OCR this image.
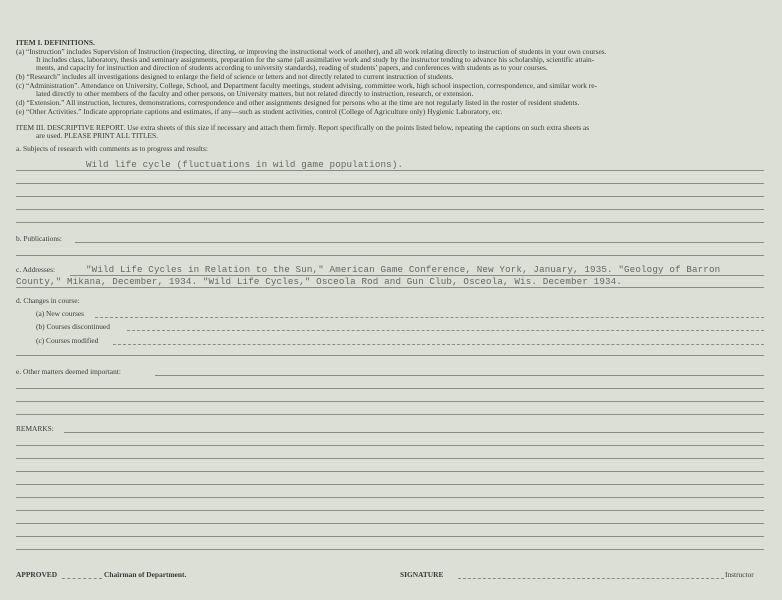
ITEM I. DEFINITIONS.
(a) “Instruction” includes Supervision of Instruction (inspecting, directing, or improving the instructional work of another), and all work relating directly to instruction of students in your own courses.
It includes class, laboratory, thesis and seminary assignments, preparation for the same (all assimilative work and study by the instructor tending to advance his scholarship, scientific attain-
ments, and capacity for instruction and direction of students according to university standards), reading of students’ papers, and conferences with students as to your courses.
(b) “Research” includes all investigations designed to enlarge the field of science or letters and not directly related to current instruction of students.
(c) “Administration”. Attendance on University, College, School, and Department faculty meetings, student advising, committee work, high school inspection, correspondence, and similar work re-
lated directly to other members of the faculty and other persons, on University matters, but not related directly to instruction, research, or extension.
(d) “Extension.” All instruction, lectures, demonstrations, correspondence and other assignments designed for persons who at the time are not regularly listed in the roster of resident students.
(e) “Other Activities.” Indicate appropriate captions and estimates, if any—such as student activities, control (College of Agriculture only) Hygienic Laboratory, etc.
ITEM III. DESCRIPTIVE REPORT. Use extra sheets of this size if necessary and attach them firmly. Report specifically on the points listed below, repeating the captions on such extra sheets as
are used. PLEASE PRINT ALL TITLES.
a. Subjects of research with comments as to progress and results:
Wild life cycle (fluctuations in wild game populations).
b. Publications:
c. Addresses:	"Wild Life Cycles in Relation to the Sun," American Game Conference, New York, January, 1935. "Geology of Barron
County," Mikana, December, 1934. "Wild Life Cycles," Osceola Rod and Gun Club, Osceola, Wis. December 1934.
d. Changes in course:
(a) New courses
(b) Courses discontinued
(c) Courses modified
e. Other matters deemed important:
REMARKS:
APPROVED	Chairman of Department.	SIGNATURE	Instructor
